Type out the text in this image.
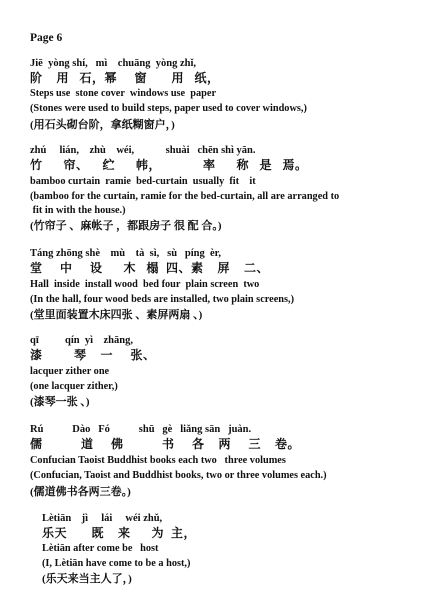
Page 6
Jiē  yòng shí,   mì    chuāng  yòng zhǐ,
阶    用   石，幂     窗       用   纸，
Steps use  stone cover  windows use  paper
(Stones were used to build steps, paper used to cover windows,)
(用石头砌台阶，拿纸糊窗户，)
zhú     lián,    zhù    wéi,            shuài   chēn shì yān.
竹      帘、    纻      帏，            率      称   是   焉。
bamboo curtain  ramie  bed-curtain  usually  fit    it
(bamboo for the curtain, ramie for the bed-curtain, all are arranged to
fit in with the house.)
(竹帘子 、麻帐子 ，都跟房子 很 配 合。)
Táng zhōng shè    mù    tà  sì,   sù   píng  èr,
堂     中     设      木   榻  四、素    屏    二、
Hall  inside  install wood  bed four  plain screen  two
(In the hall, four wood beds are installed, two plain screens,)
(堂里面装置木床四张 、素屏两扇 、)
qī          qín  yì    zhāng,
漆         琴    一     张、
lacquer zither one
(one lacquer zither,)
(漆琴一张 、)
Rú           Dào   Fó           shū   gè   liǎng sān   juàn.
儒           道     佛           书     各    两     三    卷。
Confucian Taoist Buddhist books each two   three volumes
(Confucian, Taoist and Buddhist books, two or three volumes each.)
(儒道佛书各两三卷。)
Lètiān    jì     lái     wéi zhǔ,
乐天       既    来      为  主，
Lètiān after come be   host
(I, Lètiān have come to be a host,)
(乐天来当主人了，)
